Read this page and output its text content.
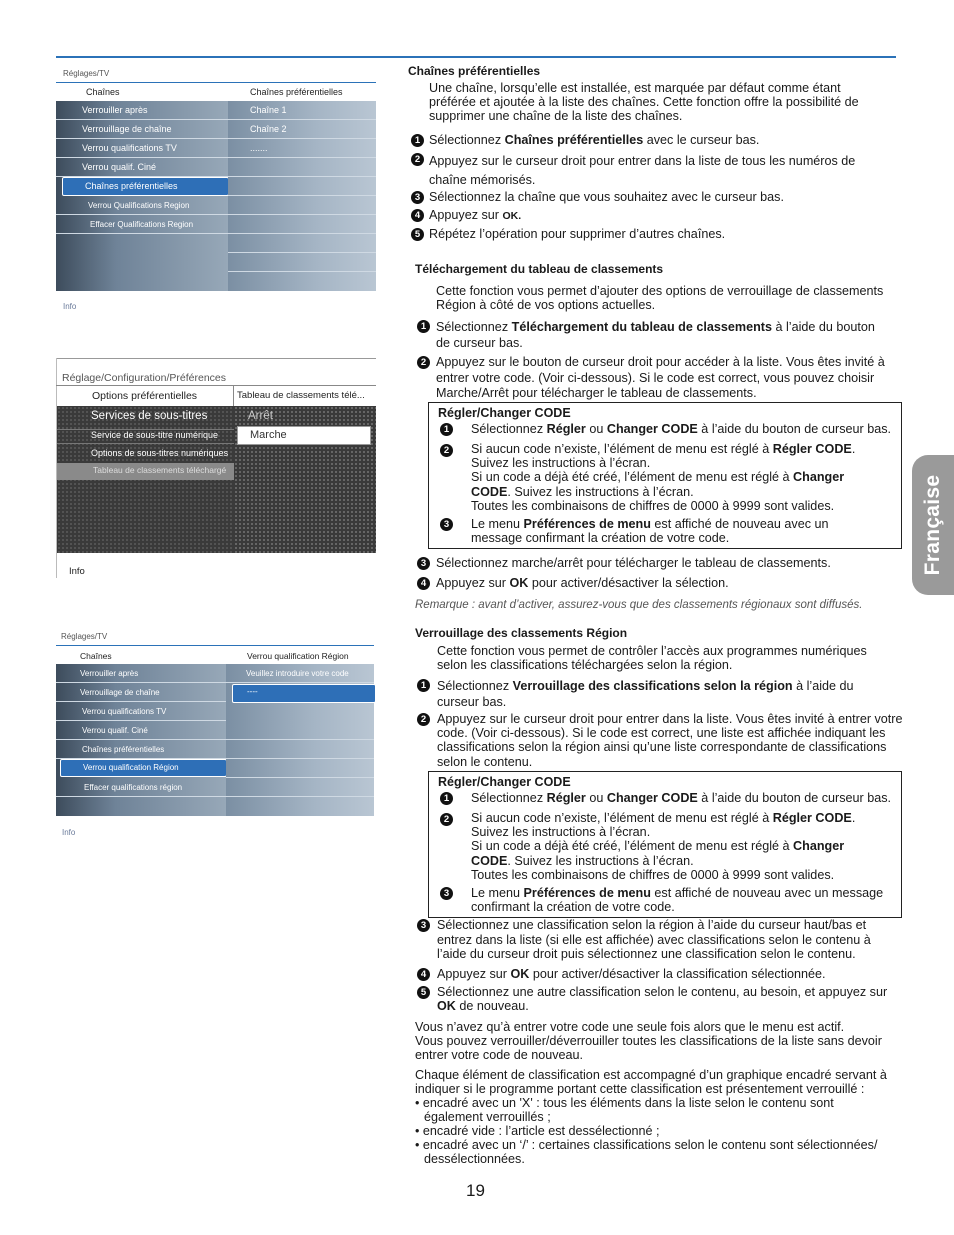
Française
Réglages/TV
Chaînes	Chaînes préférentielles
Verrouiller après
Verrouillage de chaîne
Verrou qualifications TV
Verrou qualif. Ciné
Chaînes préférentielles
Verrou Qualifications Region
Effacer Qualifications Region
Chaîne 1
Chaîne 2
.......
Info
Réglage/Configuration/Préférences
Options préférentielles	Tableau de classements télé...
Services de sous-titres
Service de sous-titre numérique
Options de sous-titres numériques
Tableau de classements téléchargé
Arrêt
Marche
Info
Réglages/TV
Chaînes	Verrou qualification Région
Verrouiller après
Verrouillage de chaîne
Verrou qualifications TV
Verrou qualif. Ciné
Chaînes préférentielles
Verrou qualification Région
Effacer qualifications région
Veuillez introduire votre code
----
Info
Chaînes préférentielles
Une chaîne, lorsqu’elle est installée, est marquée par défaut comme étant préférée et ajoutée à la liste des chaînes. Cette fonction offre la possibilité de supprimer une chaîne de la liste des chaînes.
1 Sélectionnez Chaînes préférentielles avec le curseur bas.
2 Appuyez sur le curseur droit pour entrer dans la liste de tous les numéros de chaîne mémorisés.
3 Sélectionnez la chaîne que vous souhaitez avec le curseur bas.
4 Appuyez sur OK.
5 Répétez l’opération pour supprimer d’autres chaînes.
Téléchargement du tableau de classements
Cette fonction vous permet d’ajouter des options de verrouillage de classements Région à côté de vos options actuelles.
1 Sélectionnez Téléchargement du tableau de classements à l’aide du bouton de curseur bas.
2 Appuyez sur le bouton de curseur droit pour accéder à la liste. Vous êtes invité à entrer votre code. (Voir ci-dessous). Si le code est correct, vous pouvez choisir Marche/Arrêt pour télécharger le tableau de classements.
Régler/Changer CODE
1	Sélectionnez Régler ou Changer CODE à l’aide du bouton de curseur bas.
2	Si aucun code n’existe, l’élément de menu est réglé à Régler CODE.
Suivez les instructions à l’écran.
Si un code a déjà été créé, l’élément de menu est réglé à Changer CODE. Suivez les instructions à l’écran.
Toutes les combinaisons de chiffres de 0000 à 9999 sont valides.
3	Le menu Préférences de menu est affiché de nouveau avec un message confirmant la création de votre code.
3 Sélectionnez marche/arrêt pour télécharger le tableau de classements.
4 Appuyez sur OK pour activer/désactiver la sélection.
Remarque : avant d’activer, assurez-vous que des classements régionaux sont diffusés.
Verrouillage des classements Région
Cette fonction vous permet de contrôler l’accès aux programmes numériques selon les classifications téléchargées selon la région.
1 Sélectionnez Verrouillage des classifications selon la région à l’aide du curseur bas.
2 Appuyez sur le curseur droit pour entrer dans la liste. Vous êtes invité à entrer votre code. (Voir ci-dessous). Si le code est correct, une liste est affichée indiquant les classifications selon la région ainsi qu’une liste correspondante de classifications selon le contenu.
Régler/Changer CODE
1	Sélectionnez Régler ou Changer CODE à l’aide du bouton de curseur bas.
2	Si aucun code n’existe, l’élément de menu est réglé à Régler CODE.
Suivez les instructions à l’écran.
Si un code a déjà été créé, l’élément de menu est réglé à Changer CODE. Suivez les instructions à l’écran.
Toutes les combinaisons de chiffres de 0000 à 9999 sont valides.
3	Le menu Préférences de menu est affiché de nouveau avec un message confirmant la création de votre code.
3 Sélectionnez une classification selon la région à l’aide du curseur haut/bas et entrez dans la liste (si elle est affichée) avec classifications selon le contenu à l’aide du curseur droit puis sélectionnez une classification selon le contenu.
4 Appuyez sur OK pour activer/désactiver la classification sélectionnée.
5 Sélectionnez une autre classification selon le contenu, au besoin, et appuyez sur OK de nouveau.
Vous n’avez qu’à entrer votre code une seule fois alors que le menu est actif.
Vous pouvez verrouiller/déverrouiller toutes les classifications de la liste sans devoir entrer votre code de nouveau.
Chaque élément de classification est accompagné d’un graphique encadré servant à indiquer si le programme portant cette classification est présentement verrouillé :
• encadré avec un 'X' : tous les éléments dans la liste selon le contenu sont également verrouillés ;
• encadré vide : l’article est dessélectionné ;
• encadré avec un ‘/’ : certaines classifications selon le contenu sont sélectionnées/ dessélectionnées.
19
